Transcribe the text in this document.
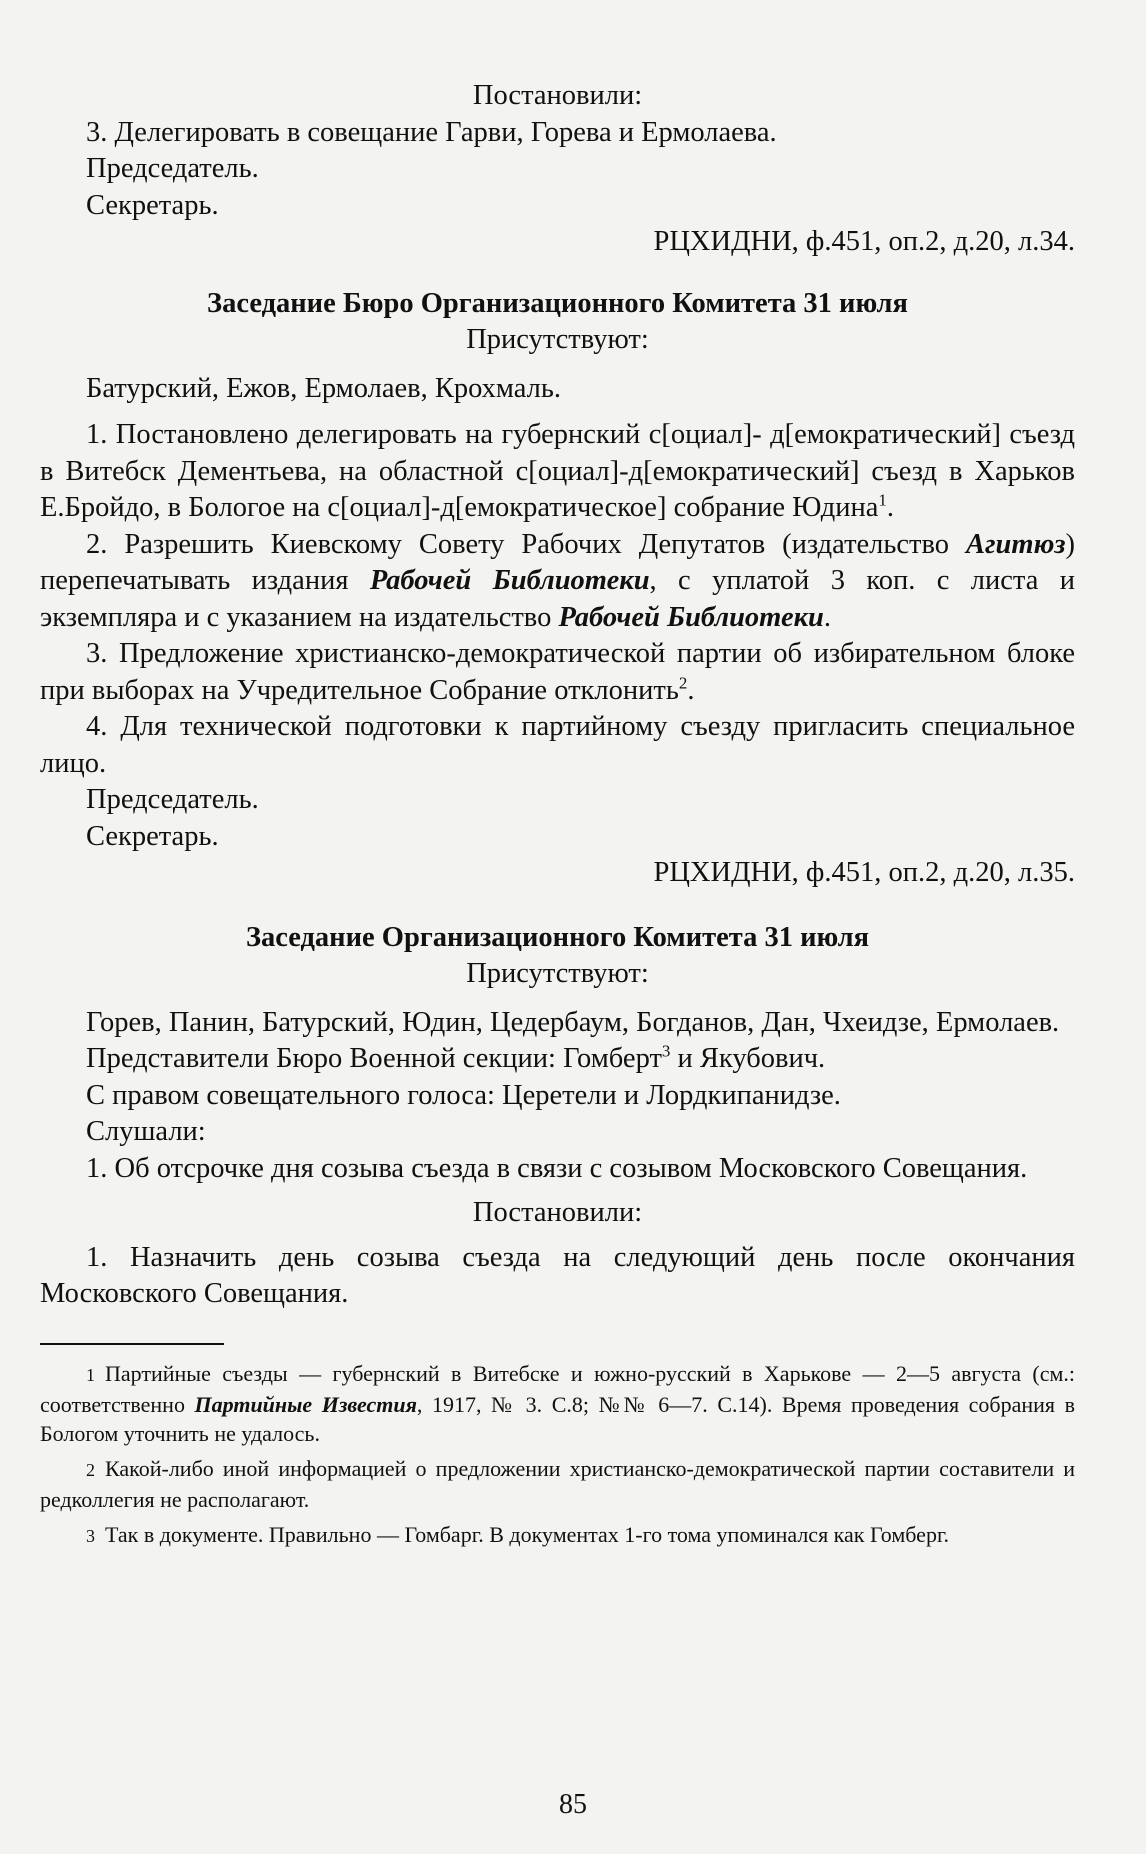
Постановили:

3. Делегировать в совещание Гарви, Горева и Ермолаева.

Председатель.

Секретарь.

РЦХИДНИ, ф.451, оп.2, д.20, л.34.

Заседание Бюро Организационного Комитета 31 июля

Присутствуют:

Батурский, Ежов, Ермолаев, Крохмаль.

1. Постановлено делегировать на губернский с[оциал]- д[емократический] съезд в Витебск Дементьева, на областной с[оциал]-д[емократический] съезд в Харьков Е.Бройдо, в Бологое на с[оциал]-д[емократическое] собрание Юдина$^1$.

2. Разрешить Киевскому Совету Рабочих Депутатов (издательство Агитюз) перепечатывать издания Рабочей Библиотеки, с уплатой 3 коп. с листа и экземпляра и с указанием на издательство Рабочей Библиотеки.

3. Предложение христианско-демократической партии об избирательном блоке при выборах на Учредительное Собрание отклонить$^2$.

4. Для технической подготовки к партийному съезду пригласить специальное лицо.

Председатель.

Секретарь.

РЦХИДНИ, ф.451, оп.2, д.20, л.35.

Заседание Организационного Комитета 31 июля

Присутствуют:

Горев, Панин, Батурский, Юдин, Цедербаум, Богданов, Дан, Чхеидзе, Ермолаев.

Представители Бюро Военной секции: Гомберт$^3$ и Якубович.

С правом совещательного голоса: Церетели и Лордкипанидзе.

Слушали:

1. Об отсрочке дня созыва съезда в связи с созывом Московского Совещания.

Постановили:

1. Назначить день созыва съезда на следующий день после окончания Московского Совещания.

1 Партийные съезды — губернский в Витебске и южно-русский в Харькове — 2—5 августа (см.: соответственно Партийные Известия, 1917, № 3. С.8; №№ 6—7. С.14). Время проведения собрания в Бологом уточнить не удалось.

2 Какой-либо иной информацией о предложении христианско-демократической партии составители и редколлегия не располагают.

3 Так в документе. Правильно — Гомбарг. В документах 1-го тома упоминался как Гомберг.

85
